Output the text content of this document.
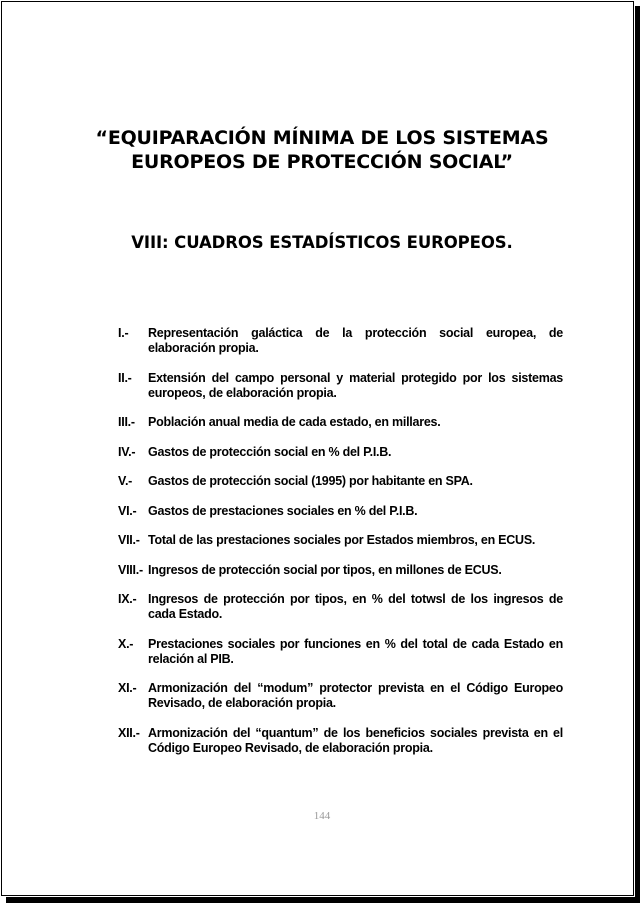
“EQUIPARACIÓN MÍNIMA DE LOS SISTEMAS
EUROPEOS DE PROTECCIÓN SOCIAL”
VIII: CUADROS ESTADÍSTICOS EUROPEOS.
I.-	Representación galáctica de la protección social europea, de elaboración propia.
II.-	Extensión del campo personal y material protegido por los sistemas europeos, de elaboración propia.
III.-	Población anual media de cada estado, en millares.
IV.-	Gastos de protección social en % del P.I.B.
V.-	Gastos de protección social (1995) por habitante en SPA.
VI.- Gastos de prestaciones sociales en % del P.I.B.
VII.- Total de las prestaciones sociales por Estados miembros, en ECUS.
VIII.- Ingresos de protección social por tipos, en millones de ECUS.
IX.- Ingresos de protección por tipos, en % del totwsl de los ingresos de cada Estado.
X.-	Prestaciones sociales por funciones en % del total de cada Estado en relación al PIB.
XI.- Armonización del “modum” protector prevista en el Código Europeo Revisado, de elaboración propia.
XII.- Armonización del “quantum” de los beneficios sociales prevista en el Código Europeo Revisado, de elaboración propia.
144
